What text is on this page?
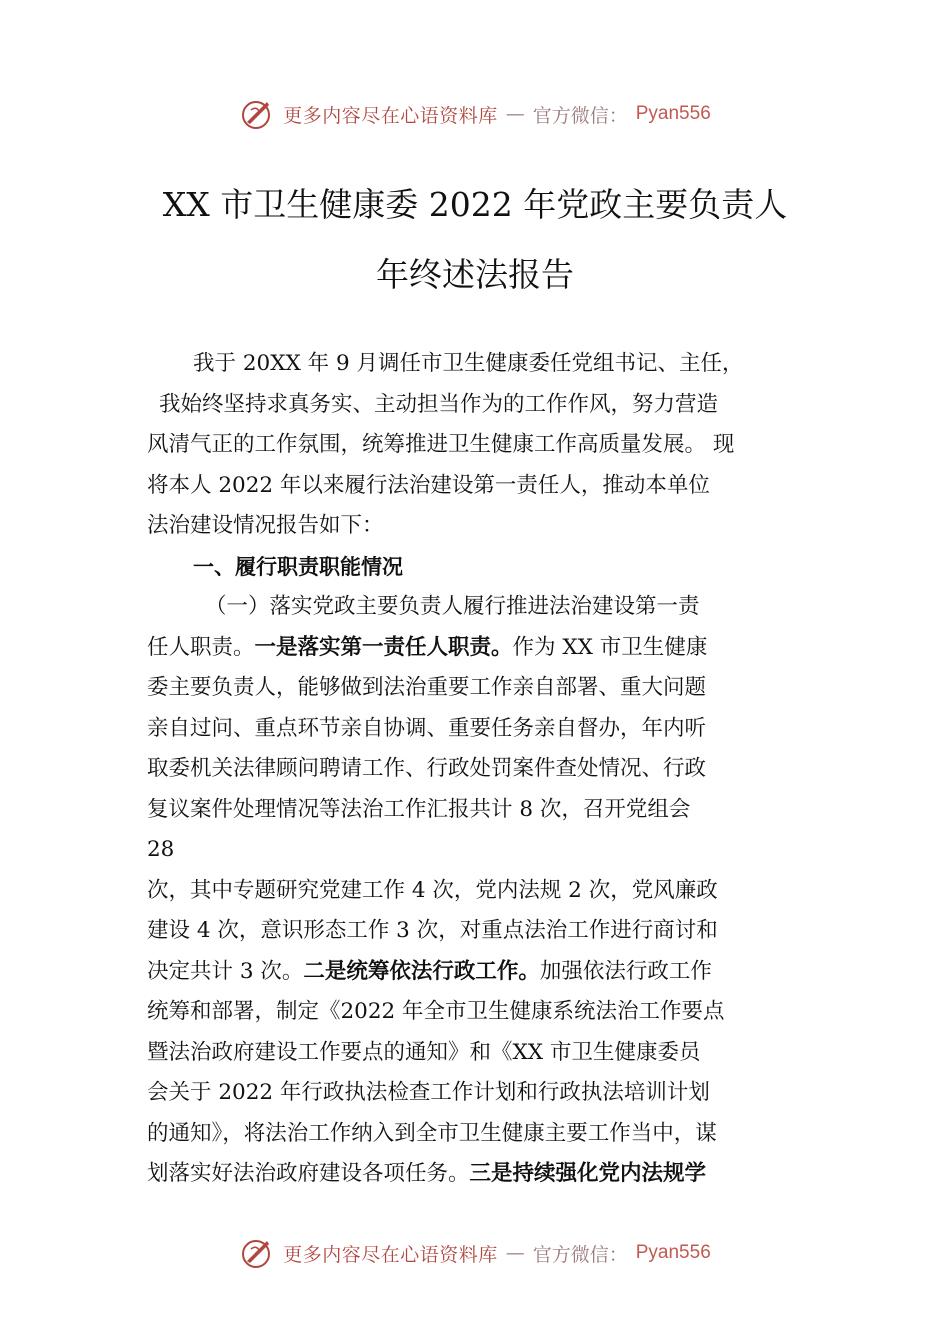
更多内容尽在心语资料库 — 官方微信： Pyan556
XX 市卫生健康委 2022 年党政主要负责人
年终述法报告
我于 20XX 年 9 月调任市卫生健康委任党组书记、主任，
我始终坚持求真务实、主动担当作为的工作作风，努力营造
风清气正的工作氛围，统筹推进卫生健康工作高质量发展。 现
将本人 2022 年以来履行法治建设第一责任人，推动本单位
法治建设情况报告如下：
一、履行职责职能情况
（一）落实党政主要负责人履行推进法治建设第一责
任人职责。一是落实第一责任人职责。作为 XX 市卫生健康
委主要负责人，能够做到法治重要工作亲自部署、重大问题
亲自过问、重点环节亲自协调、重要任务亲自督办，年内听
取委机关法律顾问聘请工作、行政处罚案件查处情况、行政
复议案件处理情况等法治工作汇报共计 8 次，召开党组会
28
次，其中专题研究党建工作 4 次，党内法规 2 次，党风廉政
建设 4 次，意识形态工作 3 次，对重点法治工作进行商讨和
决定共计 3 次。二是统筹依法行政工作。加强依法行政工作
统筹和部署，制定《2022 年全市卫生健康系统法治工作要点
暨法治政府建设工作要点的通知》和《XX 市卫生健康委员
会关于 2022 年行政执法检查工作计划和行政执法培训计划
的通知》，将法治工作纳入到全市卫生健康主要工作当中，谋
划落实好法治政府建设各项任务。三是持续强化党内法规学
更多内容尽在心语资料库 — 官方微信： Pyan556
